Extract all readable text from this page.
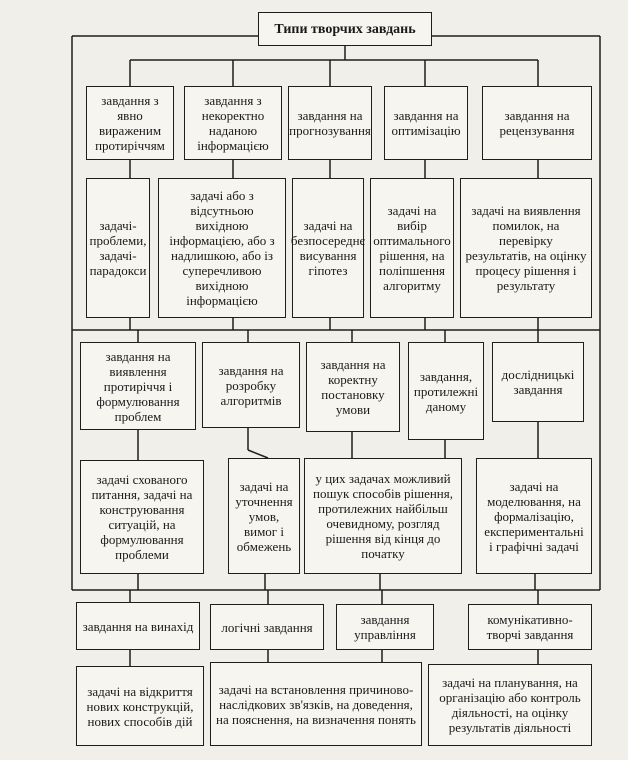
Типи творчих завдань
завдання з явно вираженим протиріччям
завдання з некоректно наданою інформацією
завдання на прогнозування
завдання на оптимізацію
завдання на рецензування
задачі-проблеми, задачі-парадокси
задачі або з відсутньою вихідною інформацією, або з надлишкою, або із суперечливою вихідною інформацією
задачі на безпосереднє висування гіпотез
задачі на вибір оптимального рішення, на поліпшення алгоритму
задачі на виявлення помилок, на перевірку результатів, на оцінку процесу рішення і результату
завдання на виявлення протиріччя і формулювання проблем
завдання на розробку алгоритмів
завдання на коректну постановку умови
завдання, протилежні даному
дослідницькі завдання
задачі схованого питання, задачі на конструювання ситуацій, на формулювання проблеми
задачі на уточнення умов, вимог і обмежень
у цих задачах можливий пошук способів рішення, протилежних найбільш очевидному, розгляд рішення від кінця до початку
задачі на моделювання, на формалізацію, експериментальні і графічні задачі
завдання на винахід логічні завдання	завдання управління
комунікативно-творчі завдання
задачі на відкриття нових конструкцій, нових способів дій
задачі на встановлення причиново-наслідкових зв'язків, на доведення, на пояснення, на визначення понять
задачі на планування, на організацію або контроль діяльності, на оцінку результатів діяльності
